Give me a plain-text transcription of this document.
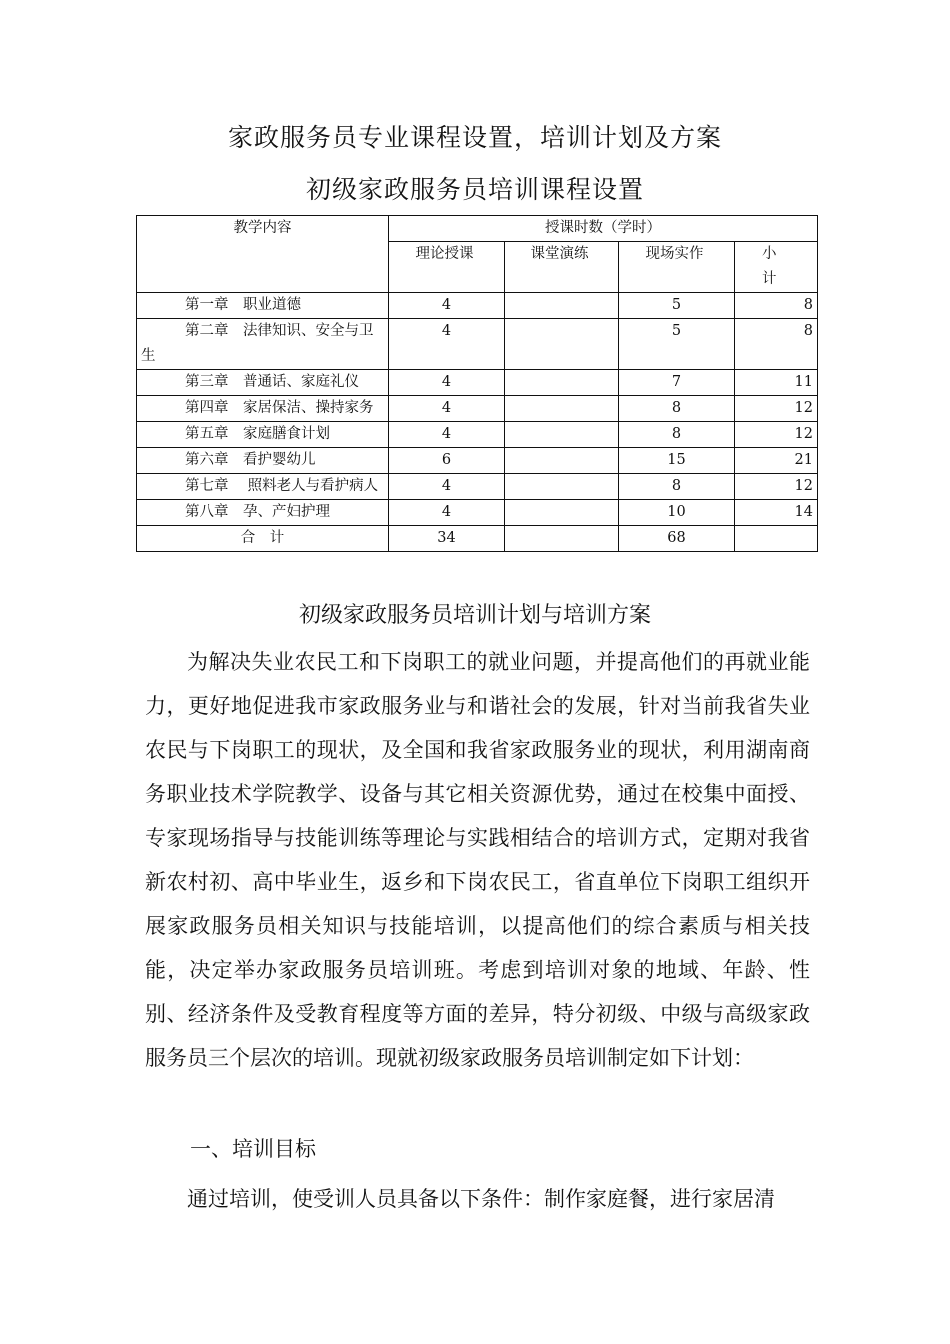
家政服务员专业课程设置，培训计划及方案
初级家政服务员培训课程设置
教学内容	授课时数（学时）			
	理论授课	课堂演练	现场实作	小计
第一章　职业道德	4		5	8
第二章　法律知识、安全与卫生	4		5	8
第三章　普通话、家庭礼仪	4		7	11
第四章　家居保洁、操持家务	4		8	12
第五章　家庭膳食计划	4		8	12
第六章　看护婴幼儿	6		15	21
第七章　 照料老人与看护病人	4		8	12
第八章　孕、产妇护理	4		10	14
合　计	34		68	
初级家政服务员培训计划与培训方案

为解决失业农民工和下岗职工的就业问题，并提高他们的再就业能力，更好地促进我市家政服务业与和谐社会的发展，针对当前我省失业农民与下岗职工的现状，及全国和我省家政服务业的现状，利用湖南商务职业技术学院教学、设备与其它相关资源优势，通过在校集中面授、专家现场指导与技能训练等理论与实践相结合的培训方式，定期对我省新农村初、高中毕业生，返乡和下岗农民工，省直单位下岗职工组织开展家政服务员相关知识与技能培训，以提高他们的综合素质与相关技能，决定举办家政服务员培训班。考虑到培训对象的地域、年龄、性别、经济条件及受教育程度等方面的差异，特分初级、中级与高级家政服务员三个层次的培训。现就初级家政服务员培训制定如下计划：

一、培训目标

通过培训，使受训人员具备以下条件：制作家庭餐，进行家居清
